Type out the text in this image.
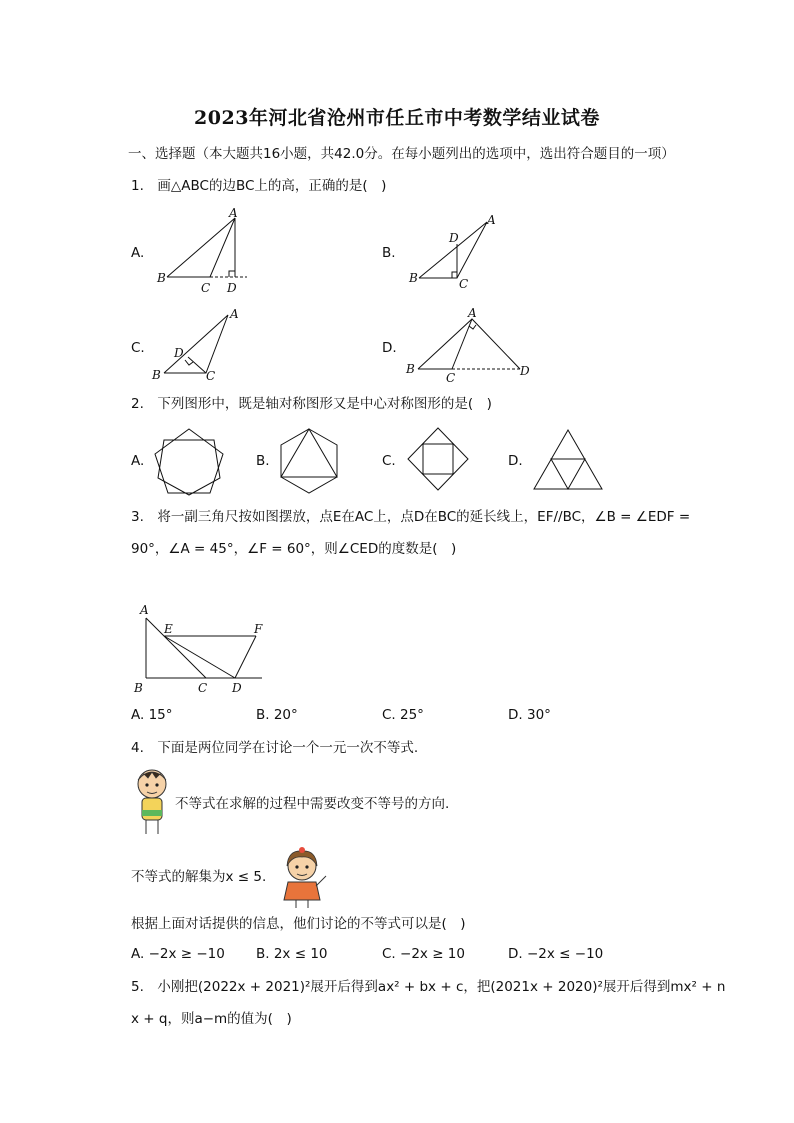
2023年河北省沧州市任丘市中考数学结业试卷
一、选择题（本大题共16小题，共42.0分。在每小题列出的选项中，选出符合题目的一项）
1.　画△ABC的边BC上的高，正确的是(　)
A.
A
B
C D
B.
A
D
B	C
C.
A
D
B	C
D.
A
B
C	D
2.　下列图形中，既是轴对称图形又是中心对称图形的是(　)
A.	B.	C.	D.
3.　将一副三角尺按如图摆放，点E在AC上，点D在BC的延长线上，EF//BC，∠B = ∠EDF =
90°，∠A = 45°，∠F = 60°，则∠CED的度数是(　)
A
E	F
B	C D
A. 15°	B. 20°	C. 25°	D. 30°
4.　下面是两位同学在讨论一个一元一次不等式.
不等式在求解的过程中需要改变不等号的方向.
不等式的解集为x ≤ 5.
根据上面对话提供的信息，他们讨论的不等式可以是(　)
A. −2x ≥ −10 B. 2x ≤ 10	C. −2x ≥ 10	D. −2x ≤ −10
5.　小刚把(2022x + 2021)²展开后得到ax² + bx + c，把(2021x + 2020)²展开后得到mx² + n
x + q，则a−m的值为(　)
